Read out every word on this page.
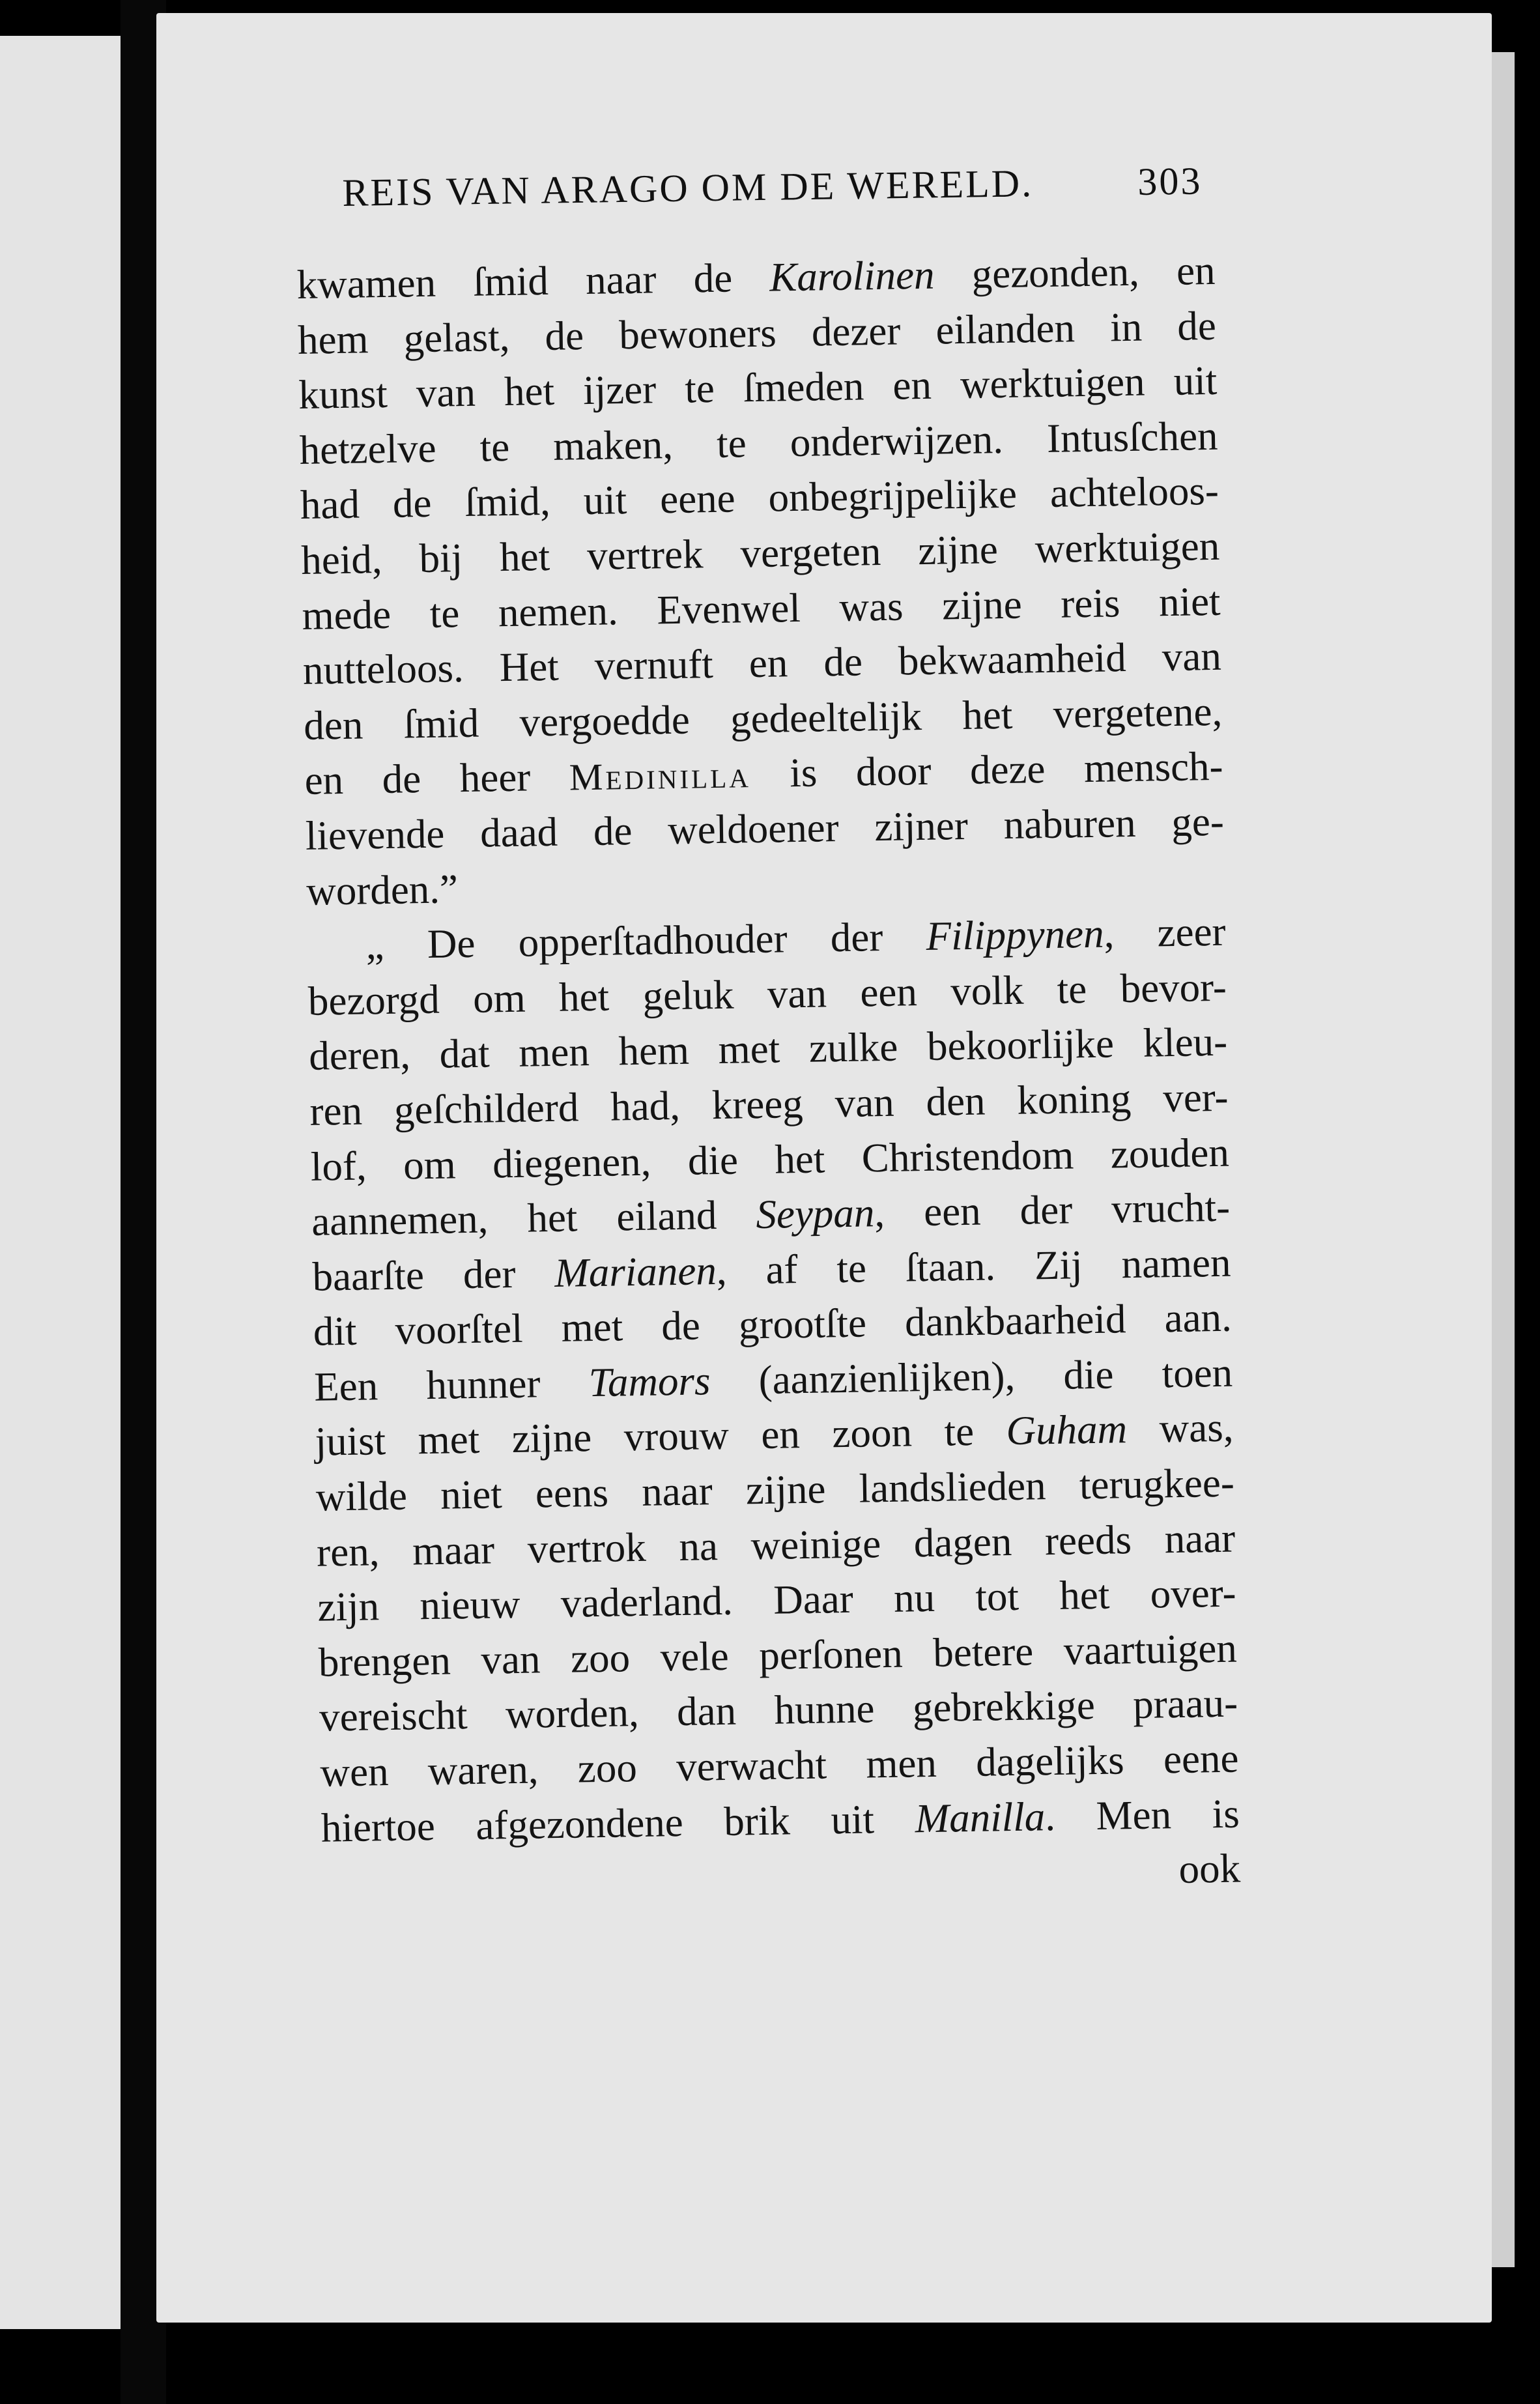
REIS VAN ARAGO OM DE WERELD.	303
kwamen ſmid naar de Karolinen gezonden, en
hem gelast, de bewoners dezer eilanden in de
kunst van het ijzer te ſmeden en werktuigen uit
hetzelve te maken, te onderwijzen. Intusſchen
had de ſmid, uit eene onbegrijpelijke achteloos-
heid, bij het vertrek vergeten zijne werktuigen
mede te nemen. Evenwel was zijne reis niet
nutteloos. Het vernuft en de bekwaamheid van
den ſmid vergoedde gedeeltelijk het vergetene,
en de heer Medinilla is door deze mensch-
lievende daad de weldoener zijner naburen ge-
worden.”
„ De opperſtadhouder der Filippynen, zeer
bezorgd om het geluk van een volk te bevor-
deren, dat men hem met zulke bekoorlijke kleu-
ren geſchilderd had, kreeg van den koning ver-
lof, om diegenen, die het Christendom zouden
aannemen, het eiland Seypan, een der vrucht-
baarſte der Marianen, af te ſtaan. Zij namen
dit voorſtel met de grootſte dankbaarheid aan.
Een hunner Tamors (aanzienlijken), die toen
juist met zijne vrouw en zoon te Guham was,
wilde niet eens naar zijne landslieden terugkee-
ren, maar vertrok na weinige dagen reeds naar
zijn nieuw vaderland. Daar nu tot het over-
brengen van zoo vele perſonen betere vaartuigen
vereischt worden, dan hunne gebrekkige praau-
wen waren, zoo verwacht men dagelijks eene
hiertoe afgezondene brik uit Manilla. Men is
ook
